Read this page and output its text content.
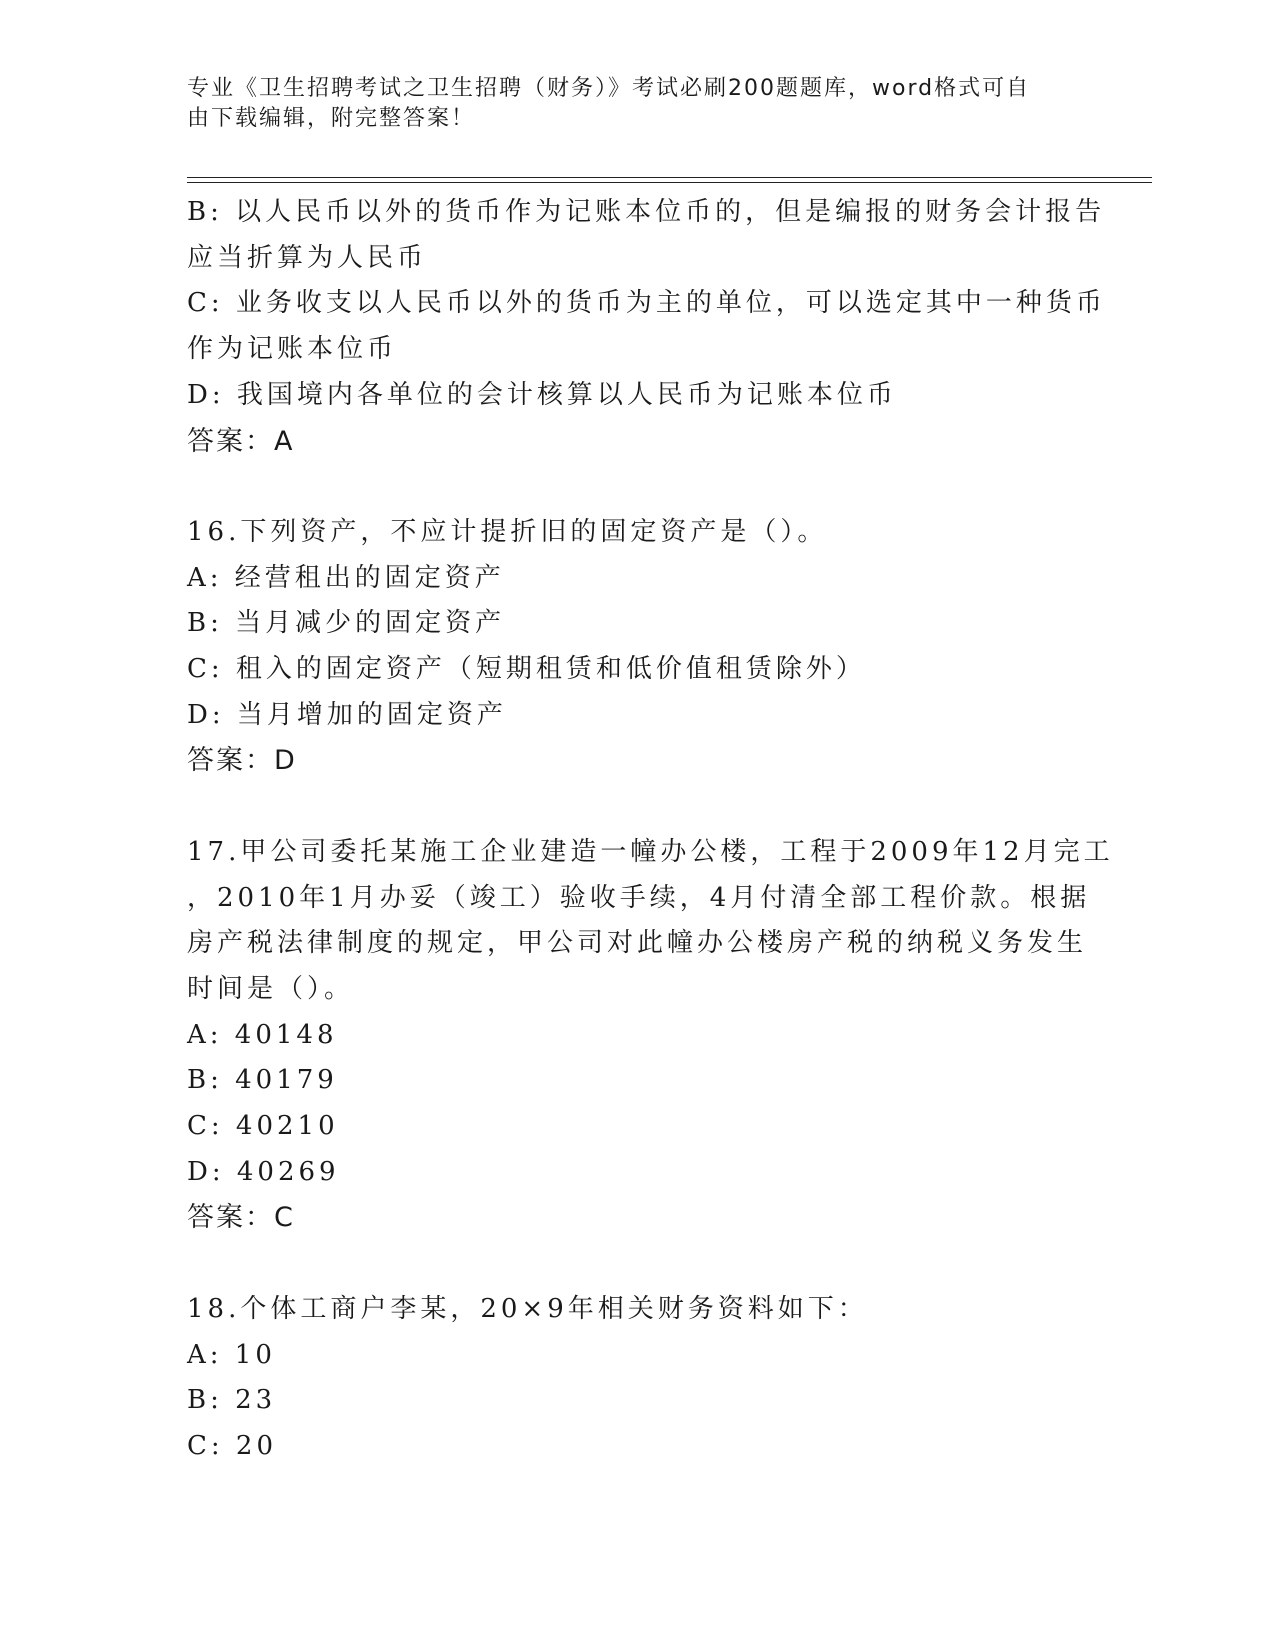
专业《卫生招聘考试之卫生招聘（财务）》考试必刷200题题库，word格式可自

由下载编辑，附完整答案！

B: 以人民币以外的货币作为记账本位币的，但是编报的财务会计报告

应当折算为人民币

C: 业务收支以人民币以外的货币为主的单位，可以选定其中一种货币

作为记账本位币

D: 我国境内各单位的会计核算以人民币为记账本位币

答案：A

16.下列资产，不应计提折旧的固定资产是（）。

A: 经营租出的固定资产

B: 当月减少的固定资产

C: 租入的固定资产（短期租赁和低价值租赁除外）

D: 当月增加的固定资产

答案：D

17.甲公司委托某施工企业建造一幢办公楼，工程于2009年12月完工

，2010年1月办妥（竣工）验收手续，4月付清全部工程价款。根据

房产税法律制度的规定，甲公司对此幢办公楼房产税的纳税义务发生

时间是（）。

A: 40148

B: 40179

C: 40210

D: 40269

答案：C

18.个体工商户李某，20×9年相关财务资料如下：

A: 10

B: 23

C: 20
